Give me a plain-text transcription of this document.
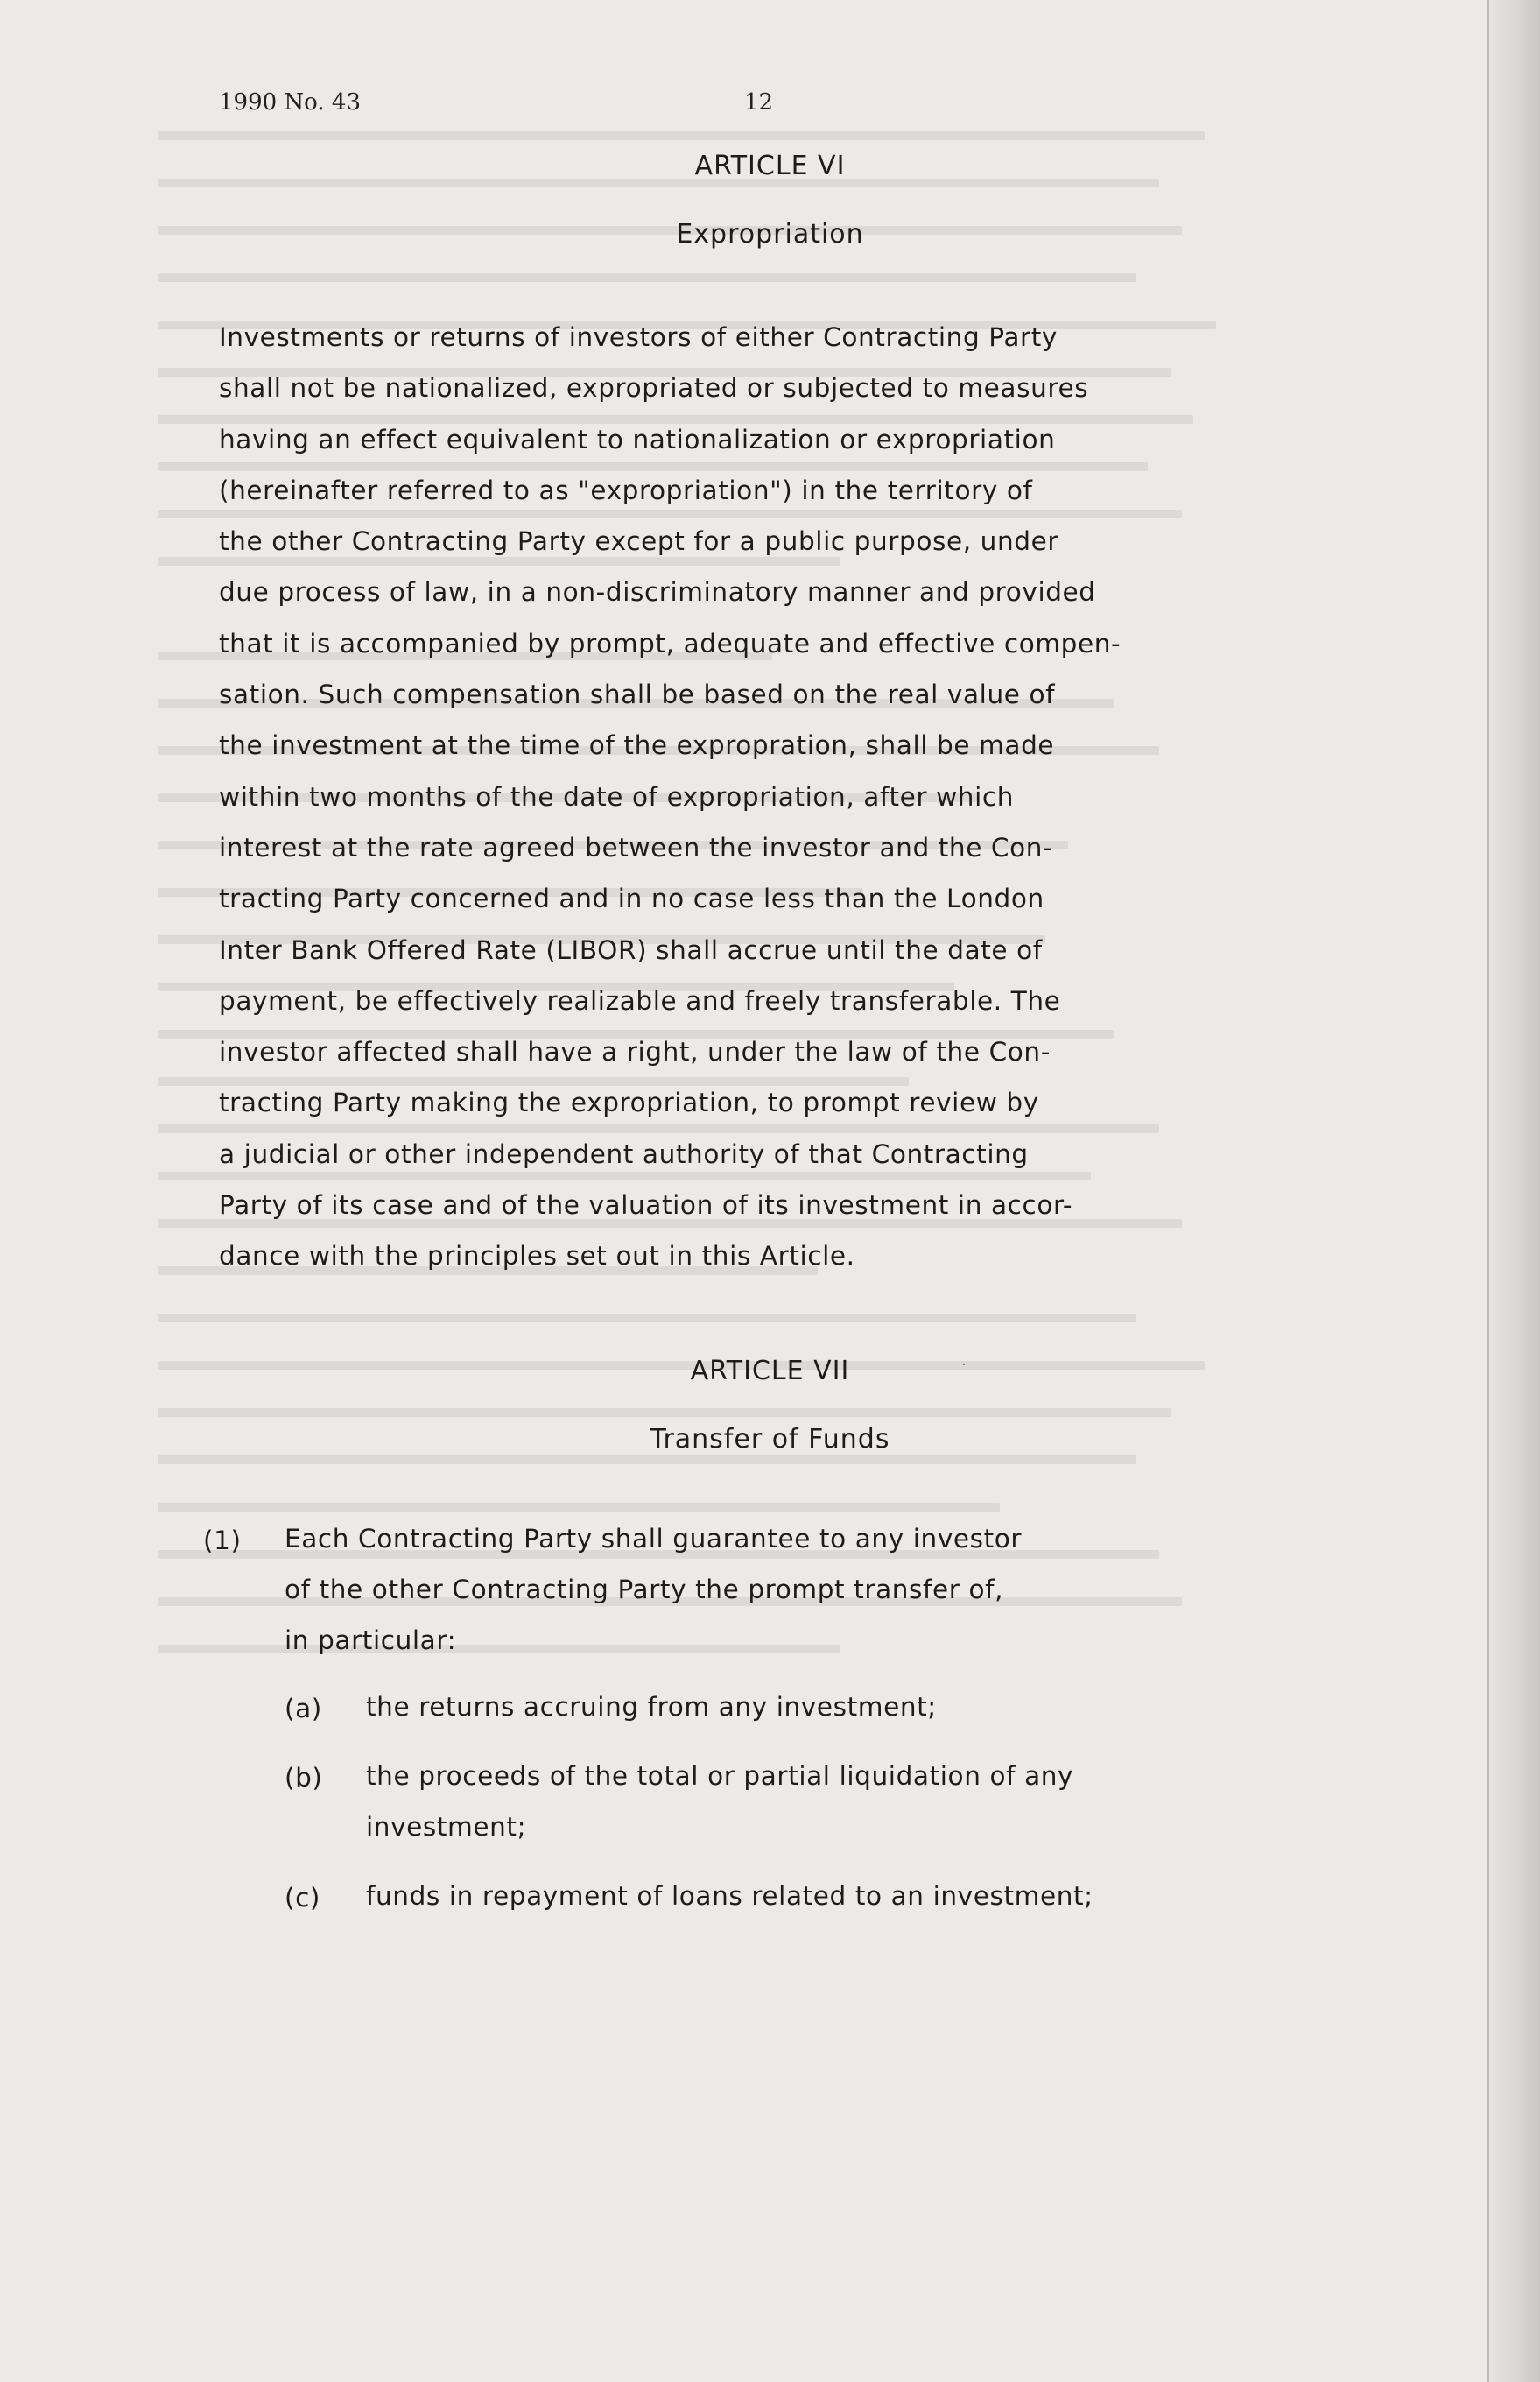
1990 No. 43	12
ARTICLE VI
Expropriation
Investments or returns of investors of either Contracting Party
shall not be nationalized, expropriated or subjected to measures
having an effect equivalent to nationalization or expropriation
(hereinafter referred to as "expropriation") in the territory of
the other Contracting Party except for a public purpose, under
due process of law, in a non-discriminatory manner and provided
that it is accompanied by prompt, adequate and effective compen-
sation. Such compensation shall be based on the real value of
the investment at the time of the expropration, shall be made
within two months of the date of expropriation, after which
interest at the rate agreed between the investor and the Con-
tracting Party concerned and in no case less than the London
Inter Bank Offered Rate (LIBOR) shall accrue until the date of
payment, be effectively realizable and freely transferable. The
investor affected shall have a right, under the law of the Con-
tracting Party making the expropriation, to prompt review by
a judicial or other independent authority of that Contracting
Party of its case and of the valuation of its investment in accor-
dance with the principles set out in this Article.
ARTICLE VII	·
Transfer of Funds
(1) Each Contracting Party shall guarantee to any investor
of the other Contracting Party the prompt transfer of,
in particular:
(a) the returns accruing from any investment;
(b) the proceeds of the total or partial liquidation of any
investment;
(c) funds in repayment of loans related to an investment;
